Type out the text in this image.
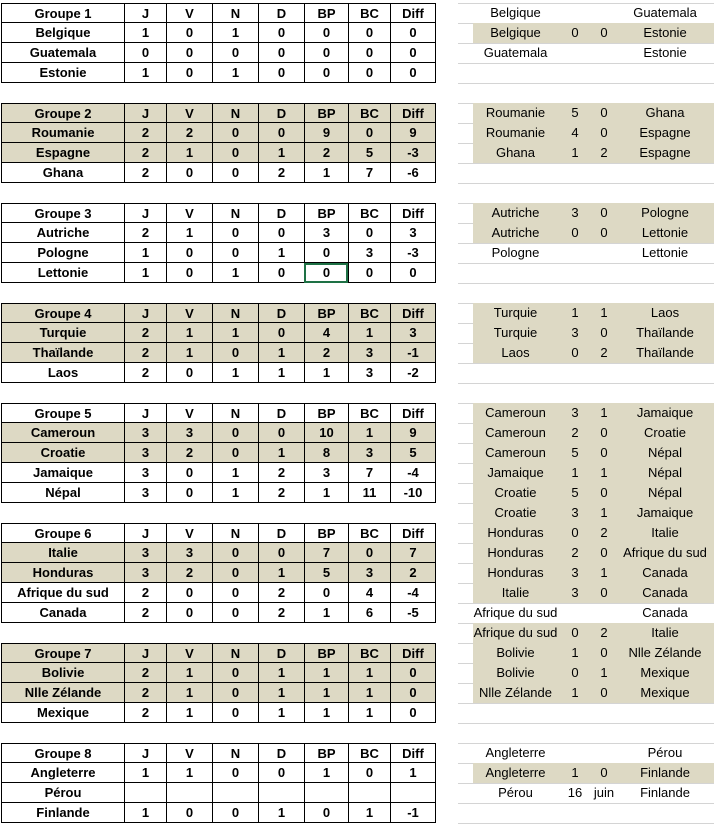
Groupe 1	J	V	N	D	BP	BC	Diff
Belgique	1	0	1	0	0	0	0
Guatemala	0	0	0	0	0	0	0
Estonie	1	0	1	0	0	0	0
Groupe 2	J	V	N	D	BP	BC	Diff
Roumanie	2	2	0	0	9	0	9
Espagne	2	1	0	1	2	5	-3
Ghana	2	0	0	2	1	7	-6
Groupe 3	J	V	N	D	BP	BC	Diff
Autriche	2	1	0	0	3	0	3
Pologne	1	0	0	1	0	3	-3
Lettonie	1	0	1	0	0	0	0
Groupe 4	J	V	N	D	BP	BC	Diff
Turquie	2	1	1	0	4	1	3
Thaïlande	2	1	0	1	2	3	-1
Laos	2	0	1	1	1	3	-2
Groupe 5	J	V	N	D	BP	BC	Diff
Cameroun	3	3	0	0	10	1	9
Croatie	3	2	0	1	8	3	5
Jamaique	3	0	1	2	3	7	-4
Népal	3	0	1	2	1	11	-10
Groupe 6	J	V	N	D	BP	BC	Diff
Italie	3	3	0	0	7	0	7
Honduras	3	2	0	1	5	3	2
Afrique du sud	2	0	0	2	0	4	-4
Canada	2	0	0	2	1	6	-5
Groupe 7	J	V	N	D	BP	BC	Diff
Bolivie	2	1	0	1	1	1	0
Nlle Zélande	2	1	0	1	1	1	0
Mexique	2	1	0	1	1	1	0
Groupe 8	J	V	N	D	BP	BC	Diff
Angleterre	1	1	0	0	1	0	1
Pérou
Finlande	1	0	0	1	0	1	-1
Belgique	Guatemala
Belgique	0	0	Estonie
Guatemala	Estonie
Roumanie	5	0	Ghana
Roumanie	4	0	Espagne
Ghana	1	2	Espagne
Autriche	3	0	Pologne
Autriche	0	0	Lettonie
Pologne	Lettonie
Turquie	1	1	Laos
Turquie	3	0	Thaïlande
Laos	0	2	Thaïlande
Cameroun	3	1	Jamaique
Cameroun	2	0	Croatie
Cameroun	5	0	Népal
Jamaique	1	1	Népal
Croatie	5	0	Népal
Croatie	3	1	Jamaique
Honduras	0	2	Italie
Honduras	2	0	Afrique du sud
Honduras	3	1	Canada
Italie	3	0	Canada
Afrique du sud	Canada
Afrique du sud	0	2	Italie
Bolivie	1	0	Nlle Zélande
Bolivie	0	1	Mexique
Nlle Zélande	1	0	Mexique
Angleterre	Pérou
Angleterre	1	0	Finlande
Pérou	16 juin	Finlande
